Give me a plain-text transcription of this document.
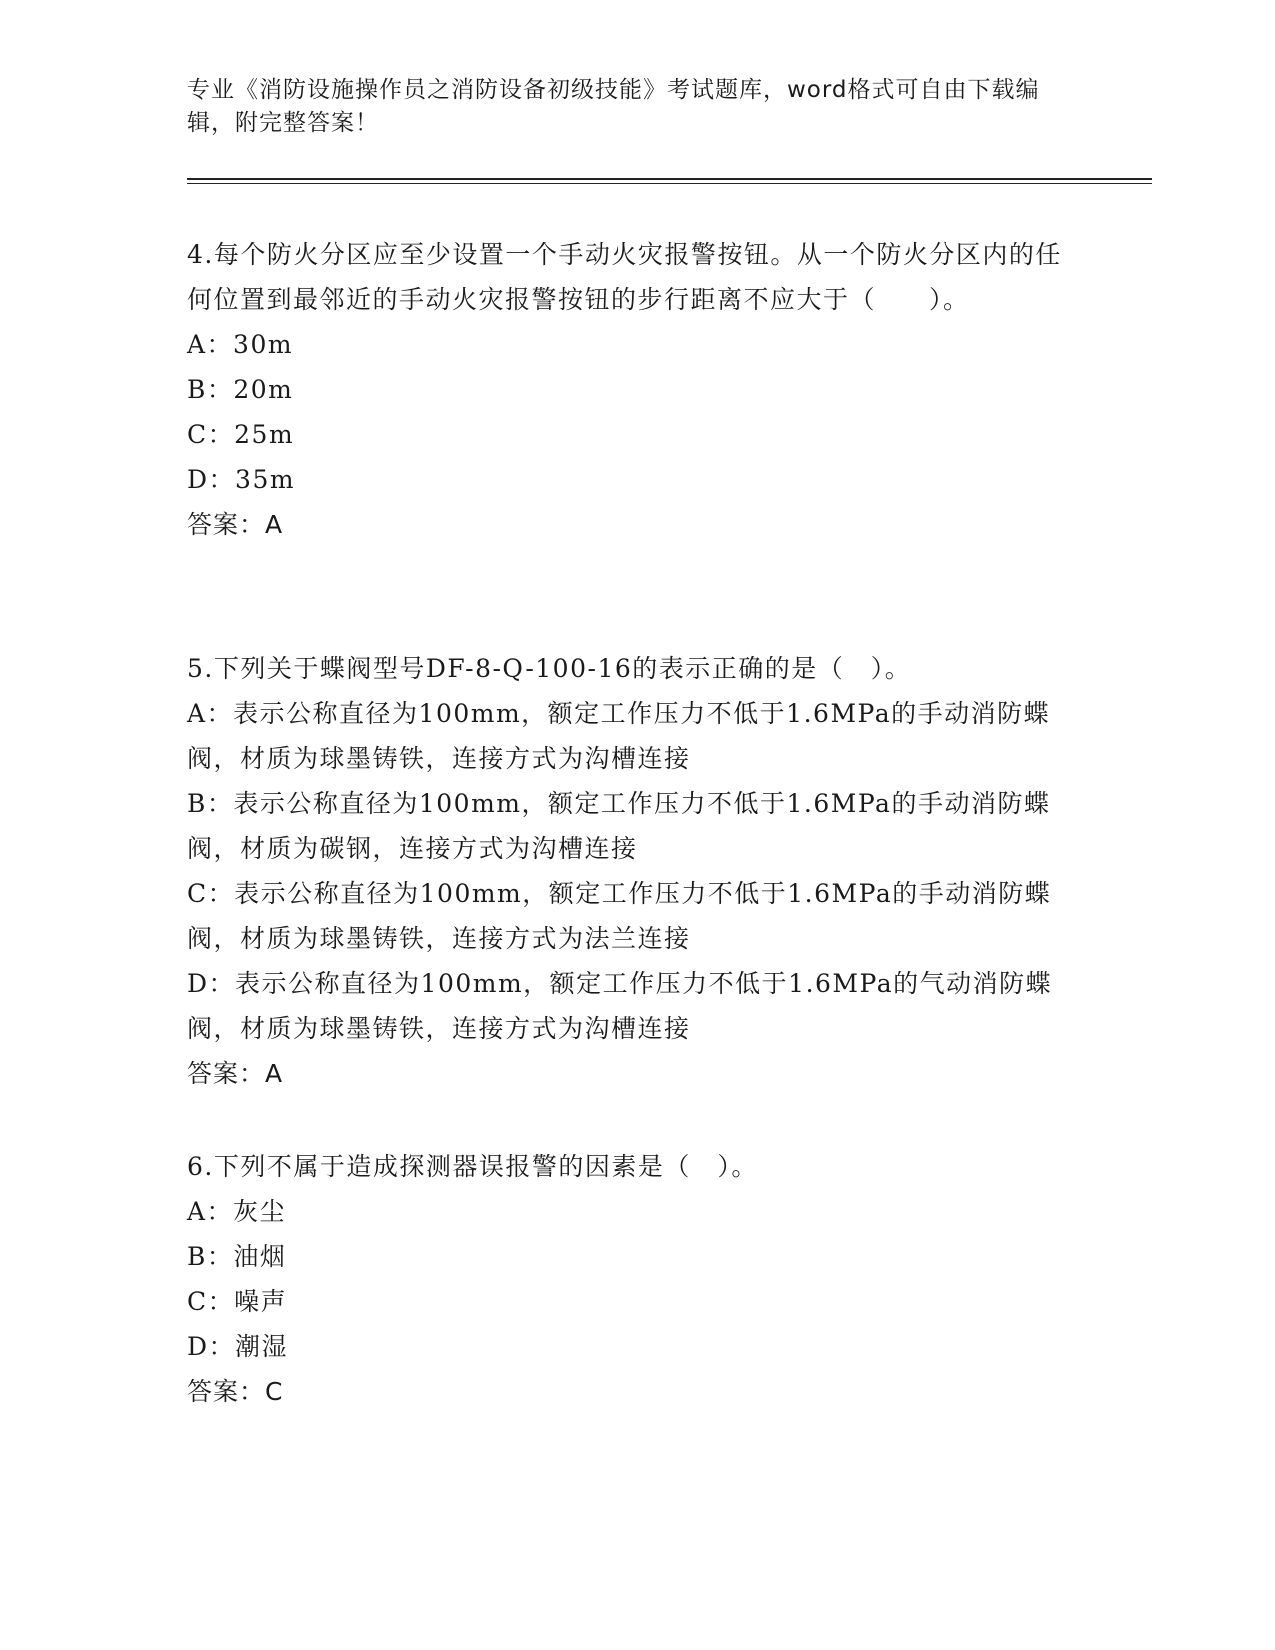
专业《消防设施操作员之消防设备初级技能》考试题库，word格式可自由下载编辑，附完整答案！

4.每个防火分区应至少设置一个手动火灾报警按钮。从一个防火分区内的任何位置到最邻近的手动火灾报警按钮的步行距离不应大于（　　）。

A：30m

B：20m

C：25m

D：35m

答案：A

5.下列关于蝶阀型号DF-8-Q-100-16的表示正确的是（　）。

A：表示公称直径为100mm，额定工作压力不低于1.6MPa的手动消防蝶阀，材质为球墨铸铁，连接方式为沟槽连接

B：表示公称直径为100mm，额定工作压力不低于1.6MPa的手动消防蝶阀，材质为碳钢，连接方式为沟槽连接

C：表示公称直径为100mm，额定工作压力不低于1.6MPa的手动消防蝶阀，材质为球墨铸铁，连接方式为法兰连接

D：表示公称直径为100mm，额定工作压力不低于1.6MPa的气动消防蝶阀，材质为球墨铸铁，连接方式为沟槽连接

答案：A

6.下列不属于造成探测器误报警的因素是（　）。

A：灰尘

B：油烟

C：噪声

D：潮湿

答案：C
